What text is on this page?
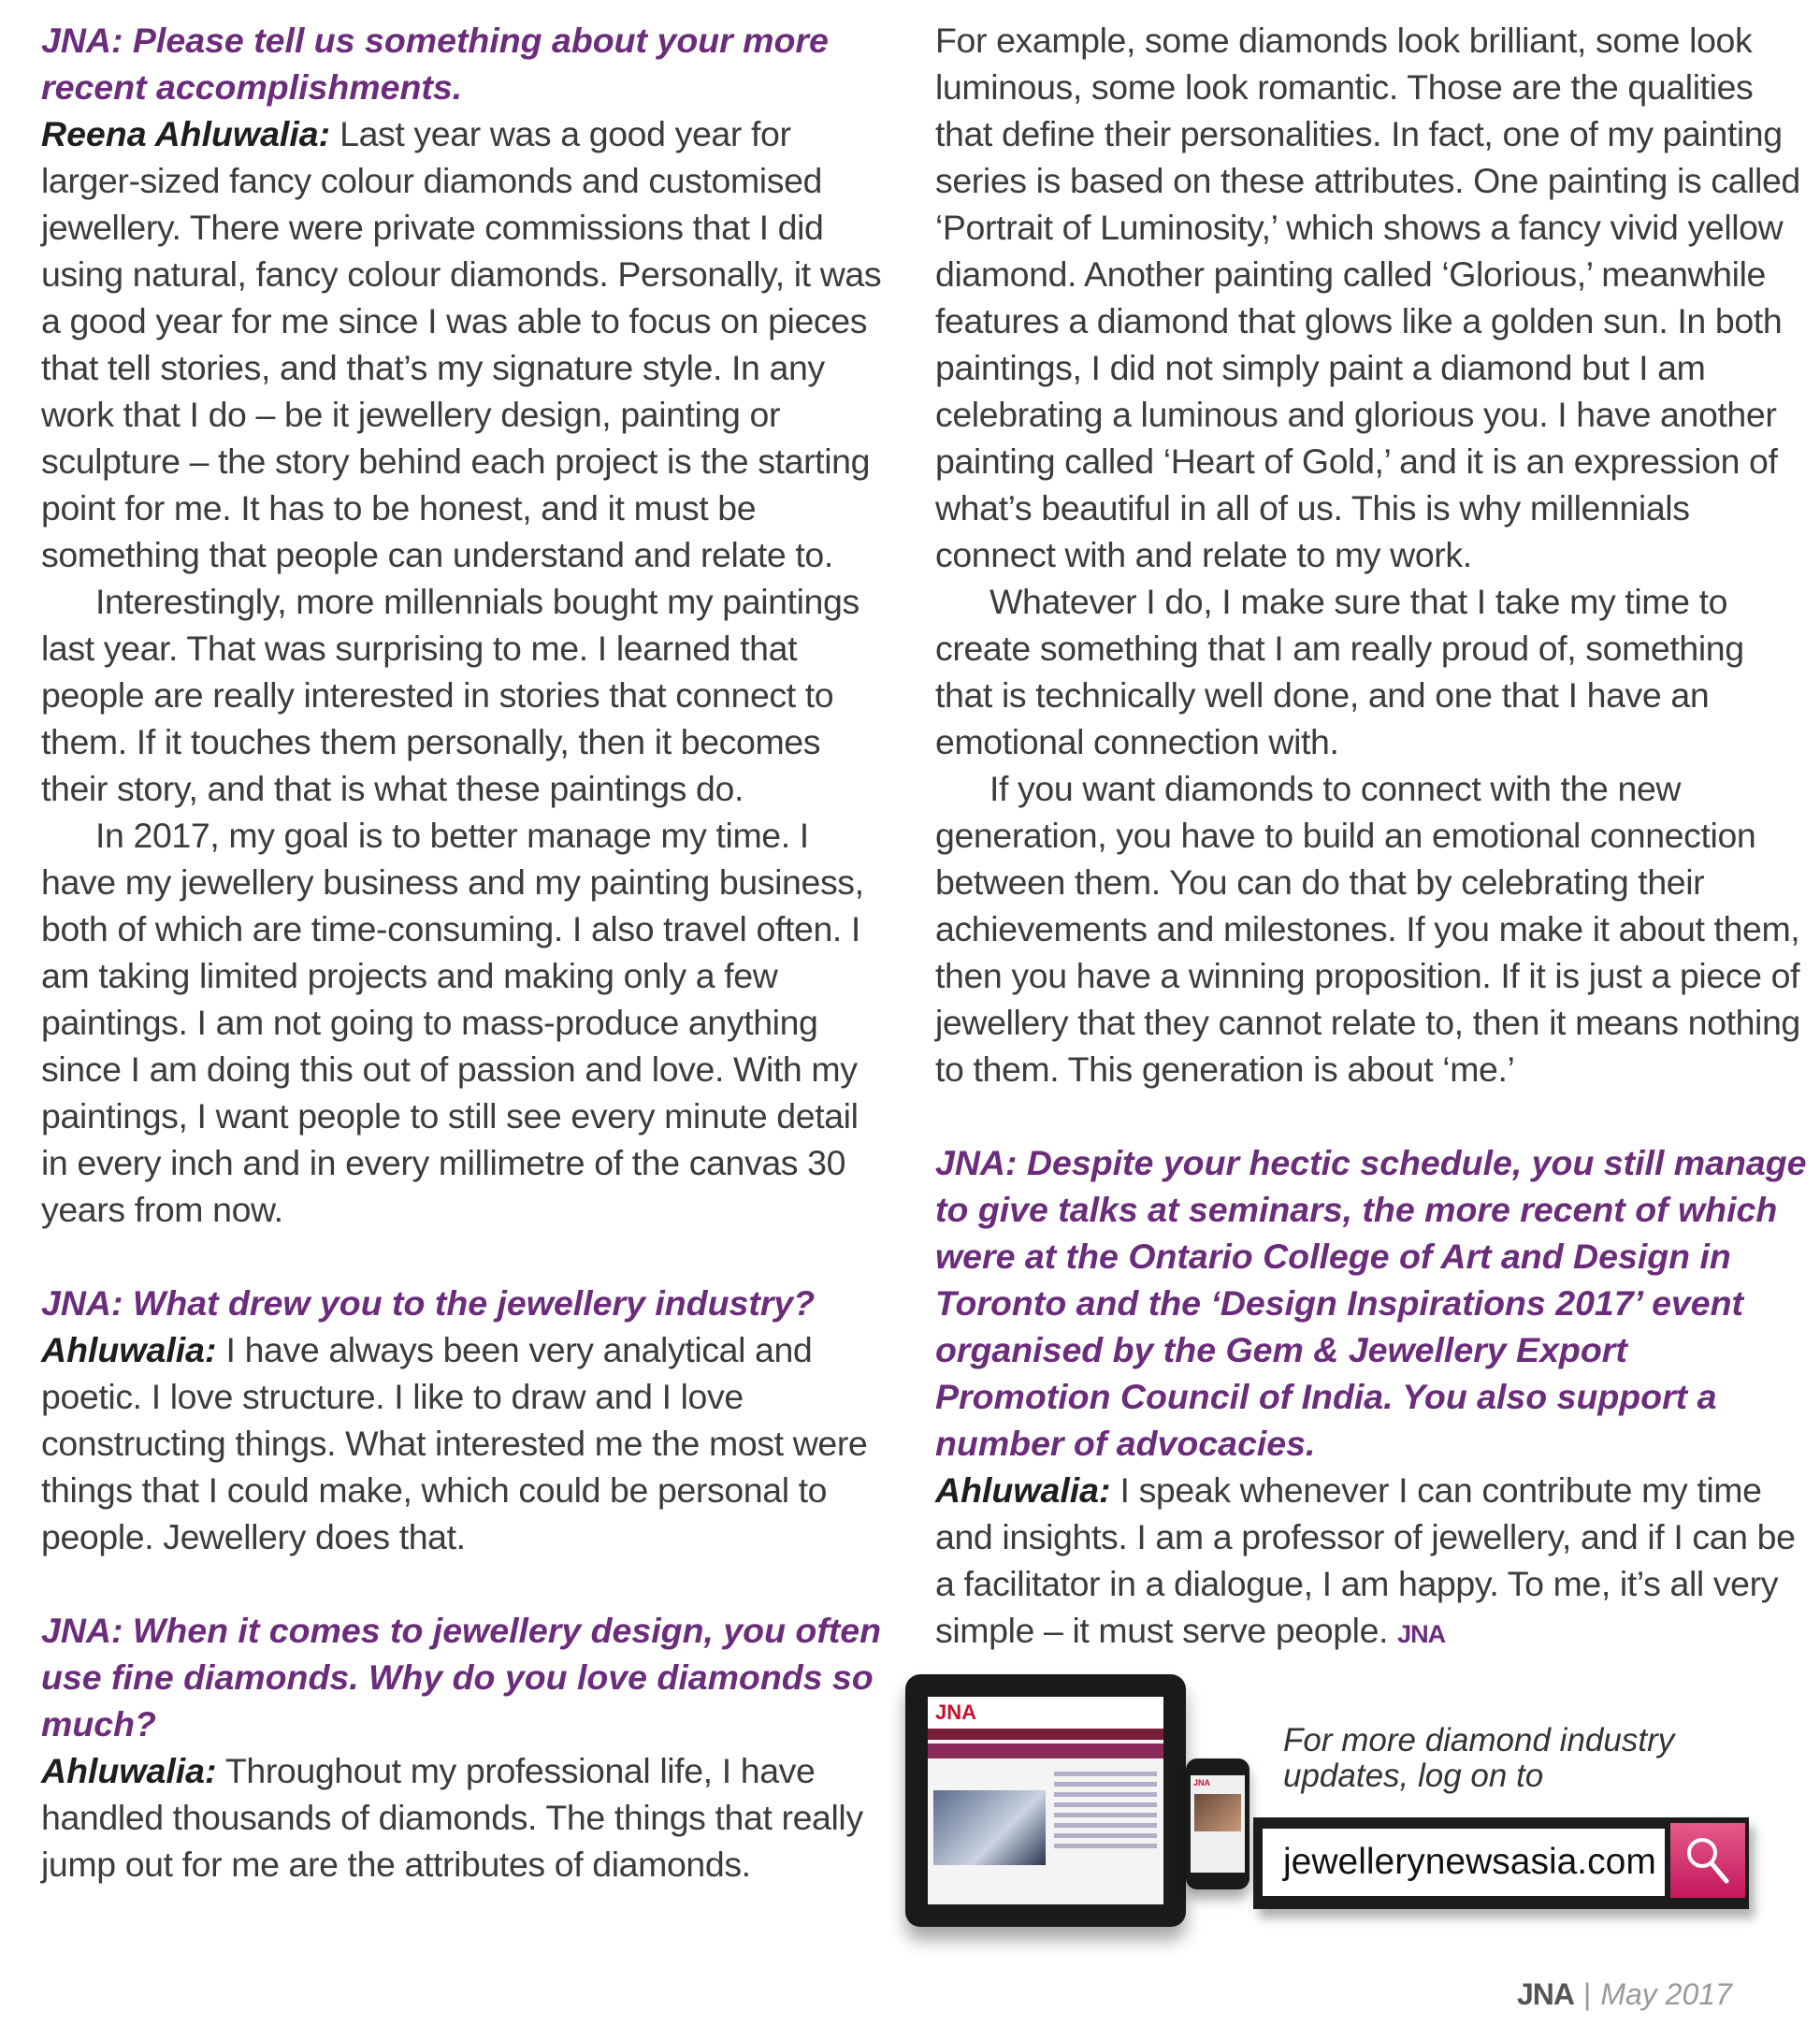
JNA: Please tell us something about your more recent accomplishments.

Reena Ahluwalia: Last year was a good year for larger-sized fancy colour diamonds and customised jewellery. There were private commissions that I did using natural, fancy colour diamonds. Personally, it was a good year for me since I was able to focus on pieces that tell stories, and that’s my signature style. In any work that I do – be it jewellery design, painting or sculpture – the story behind each project is the starting point for me. It has to be honest, and it must be something that people can understand and relate to.

Interestingly, more millennials bought my paintings last year. That was surprising to me. I learned that people are really interested in stories that connect to them. If it touches them personally, then it becomes their story, and that is what these paintings do.

In 2017, my goal is to better manage my time. I have my jewellery business and my painting business, both of which are time-consuming. I also travel often. I am taking limited projects and making only a few paintings. I am not going to mass-produce anything since I am doing this out of passion and love. With my paintings, I want people to still see every minute detail in every inch and in every millimetre of the canvas 30 years from now.

JNA: What drew you to the jewellery industry?

Ahluwalia: I have always been very analytical and poetic. I love structure. I like to draw and I love constructing things. What interested me the most were things that I could make, which could be personal to people. Jewellery does that.

JNA: When it comes to jewellery design, you often use fine diamonds. Why do you love diamonds so much?

Ahluwalia: Throughout my professional life, I have handled thousands of diamonds. The things that really jump out for me are the attributes of diamonds.

For example, some diamonds look brilliant, some look luminous, some look romantic. Those are the qualities that define their personalities. In fact, one of my painting series is based on these attributes. One painting is called ‘Portrait of Luminosity,’ which shows a fancy vivid yellow diamond. Another painting called ‘Glorious,’ meanwhile features a diamond that glows like a golden sun. In both paintings, I did not simply paint a diamond but I am celebrating a luminous and glorious you. I have another painting called ‘Heart of Gold,’ and it is an expression of what’s beautiful in all of us. This is why millennials connect with and relate to my work.

Whatever I do, I make sure that I take my time to create something that I am really proud of, something that is technically well done, and one that I have an emotional connection with.

If you want diamonds to connect with the new generation, you have to build an emotional connection between them. You can do that by celebrating their achievements and milestones. If you make it about them, then you have a winning proposition. If it is just a piece of jewellery that they cannot relate to, then it means nothing to them. This generation is about ‘me.’

JNA: Despite your hectic schedule, you still manage to give talks at seminars, the more recent of which were at the Ontario College of Art and Design in Toronto and the ‘Design Inspirations 2017’ event organised by the Gem & Jewellery Export Promotion Council of India. You also support a number of advocacies.

Ahluwalia: I speak whenever I can contribute my time and insights. I am a professor of jewellery, and if I can be a facilitator in a dialogue, I am happy. To me, it’s all very simple – it must serve people. JNA

JNA
JNA
For more diamond industry
updates, log on to
jewellerynewsasia.com
JNA | May 2017
